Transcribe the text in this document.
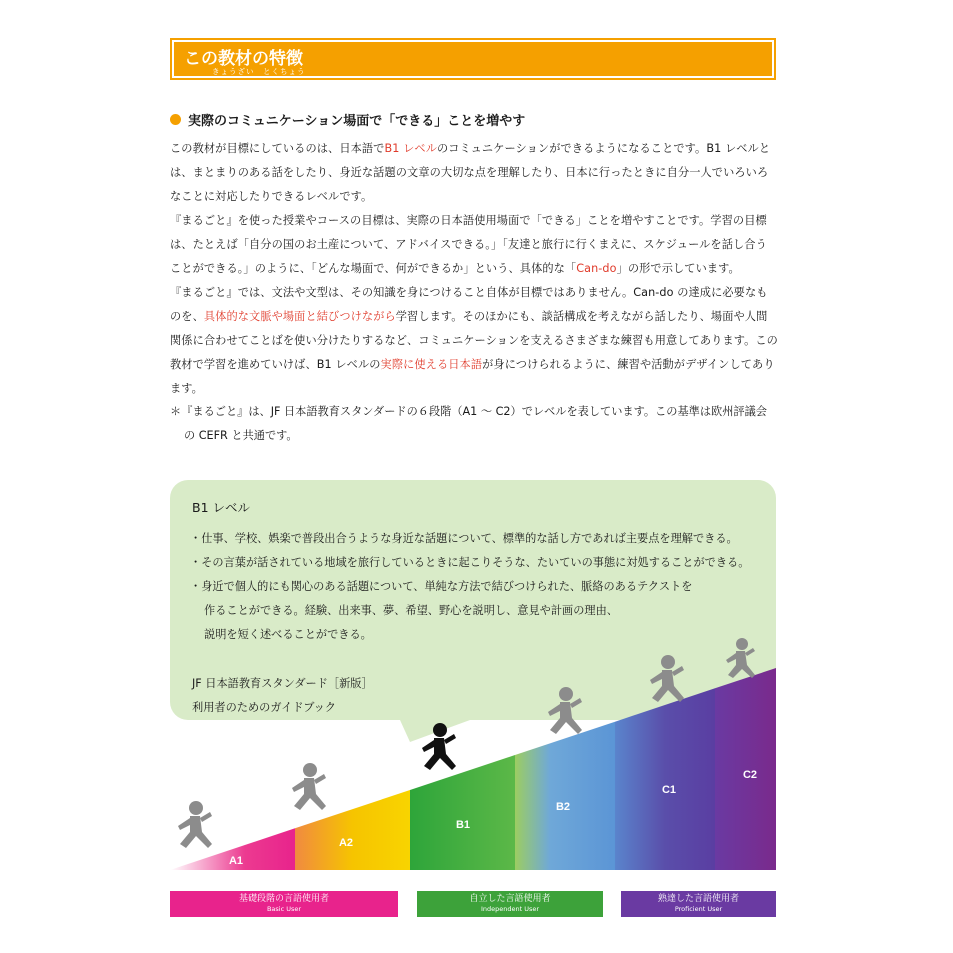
この教材の特徴
きょうざい　とくちょう
実際のコミュニケーション場面で「できる」ことを増やす

この教材が目標にしているのは、日本語でB1 レベルのコミュニケーションができるようになることです。B1 レベルとは、まとまりのある話をしたり、身近な話題の文章の大切な点を理解したり、日本に行ったときに自分一人でいろいろなことに対応したりできるレベルです。

『まるごと』を使った授業やコースの目標は、実際の日本語使用場面で「できる」ことを増やすことです。学習の目標は、たとえば「自分の国のお土産について、アドバイスできる。」「友達と旅行に行くまえに、スケジュールを話し合うことができる。」のように、「どんな場面で、何ができるか」という、具体的な「Can-do」の形で示しています。

『まるごと』では、文法や文型は、その知識を身につけること自体が目標ではありません。Can-do の達成に必要なものを、具体的な文脈や場面と結びつけながら学習します。そのほかにも、談話構成を考えながら話したり、場面や人間関係に合わせてことばを使い分けたりするなど、コミュニケーションを支えるさまざまな練習も用意してあります。この教材で学習を進めていけば、B1 レベルの実際に使える日本語が身につけられるように、練習や活動がデザインしてあります。

＊『まるごと』は、JF 日本語教育スタンダードの６段階（A1 ～ C2）でレベルを表しています。この基準は欧州評議会
の CEFR と共通です。
B1 レベル
・仕事、学校、娯楽で普段出合うような身近な話題について、標準的な話し方であれば主要点を理解できる。
・その言葉が話されている地域を旅行しているときに起こりそうな、たいていの事態に対処することができる。
・身近で個人的にも関心のある話題について、単純な方法で結びつけられた、脈絡のあるテクストを
作ることができる。経験、出来事、夢、希望、野心を説明し、意見や計画の理由、
説明を短く述べることができる。
JF 日本語教育スタンダード［新版］
利用者のためのガイドブック
A1
A2
B1
B2
C1
C2
基礎段階の言語使用者
Basic User
自立した言語使用者
Independent User
熟達した言語使用者
Proficient User
